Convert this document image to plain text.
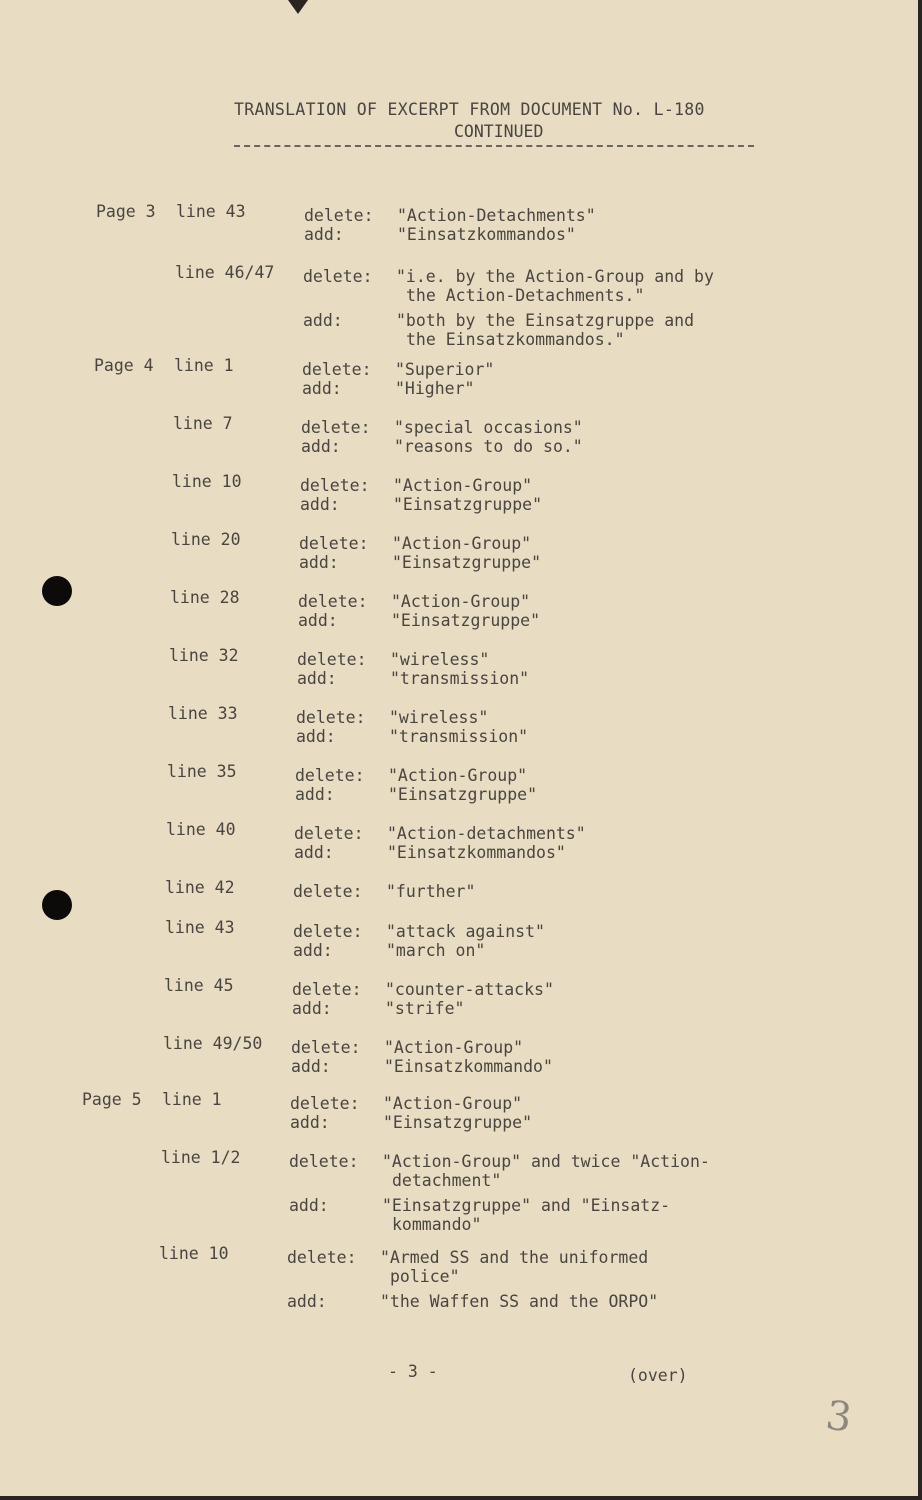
TRANSLATION OF EXCERPT FROM DOCUMENT No. L-180
CONTINUED
Page 3 line 43	delete: "Action-Detachments"
add:	"Einsatzkommandos"
line 46/47 delete: "i.e. by the Action-Group and by
the Action-Detachments."
add:	"both by the Einsatzgruppe and
the Einsatzkommandos."
Page 4 line 1	delete: "Superior"
add:	"Higher"
line 7	delete: "special occasions"
add:	"reasons to do so."
line 10	delete: "Action-Group"
add:	"Einsatzgruppe"
line 20	delete: "Action-Group"
add:	"Einsatzgruppe"
line 28	delete: "Action-Group"
add:	"Einsatzgruppe"
line 32	delete: "wireless"
add:	"transmission"
line 33	delete: "wireless"
add:	"transmission"
line 35	delete: "Action-Group"
add:	"Einsatzgruppe"
line 40	delete: "Action-detachments"
add:	"Einsatzkommandos"
line 42	delete: "further"
line 43	delete: "attack against"
add:	"march on"
line 45	delete: "counter-attacks"
add:	"strife"
line 49/50 delete: "Action-Group"
add:	"Einsatzkommando"
Page 5 line 1	delete: "Action-Group"
add:	"Einsatzgruppe"
line 1/2	delete: "Action-Group" and twice "Action-
detachment"
add:	"Einsatzgruppe" and "Einsatz-
kommando"
line 10	delete: "Armed SS and the uniformed
police"
add:	"the Waffen SS and the ORPO"
- 3 -	(over)
3
